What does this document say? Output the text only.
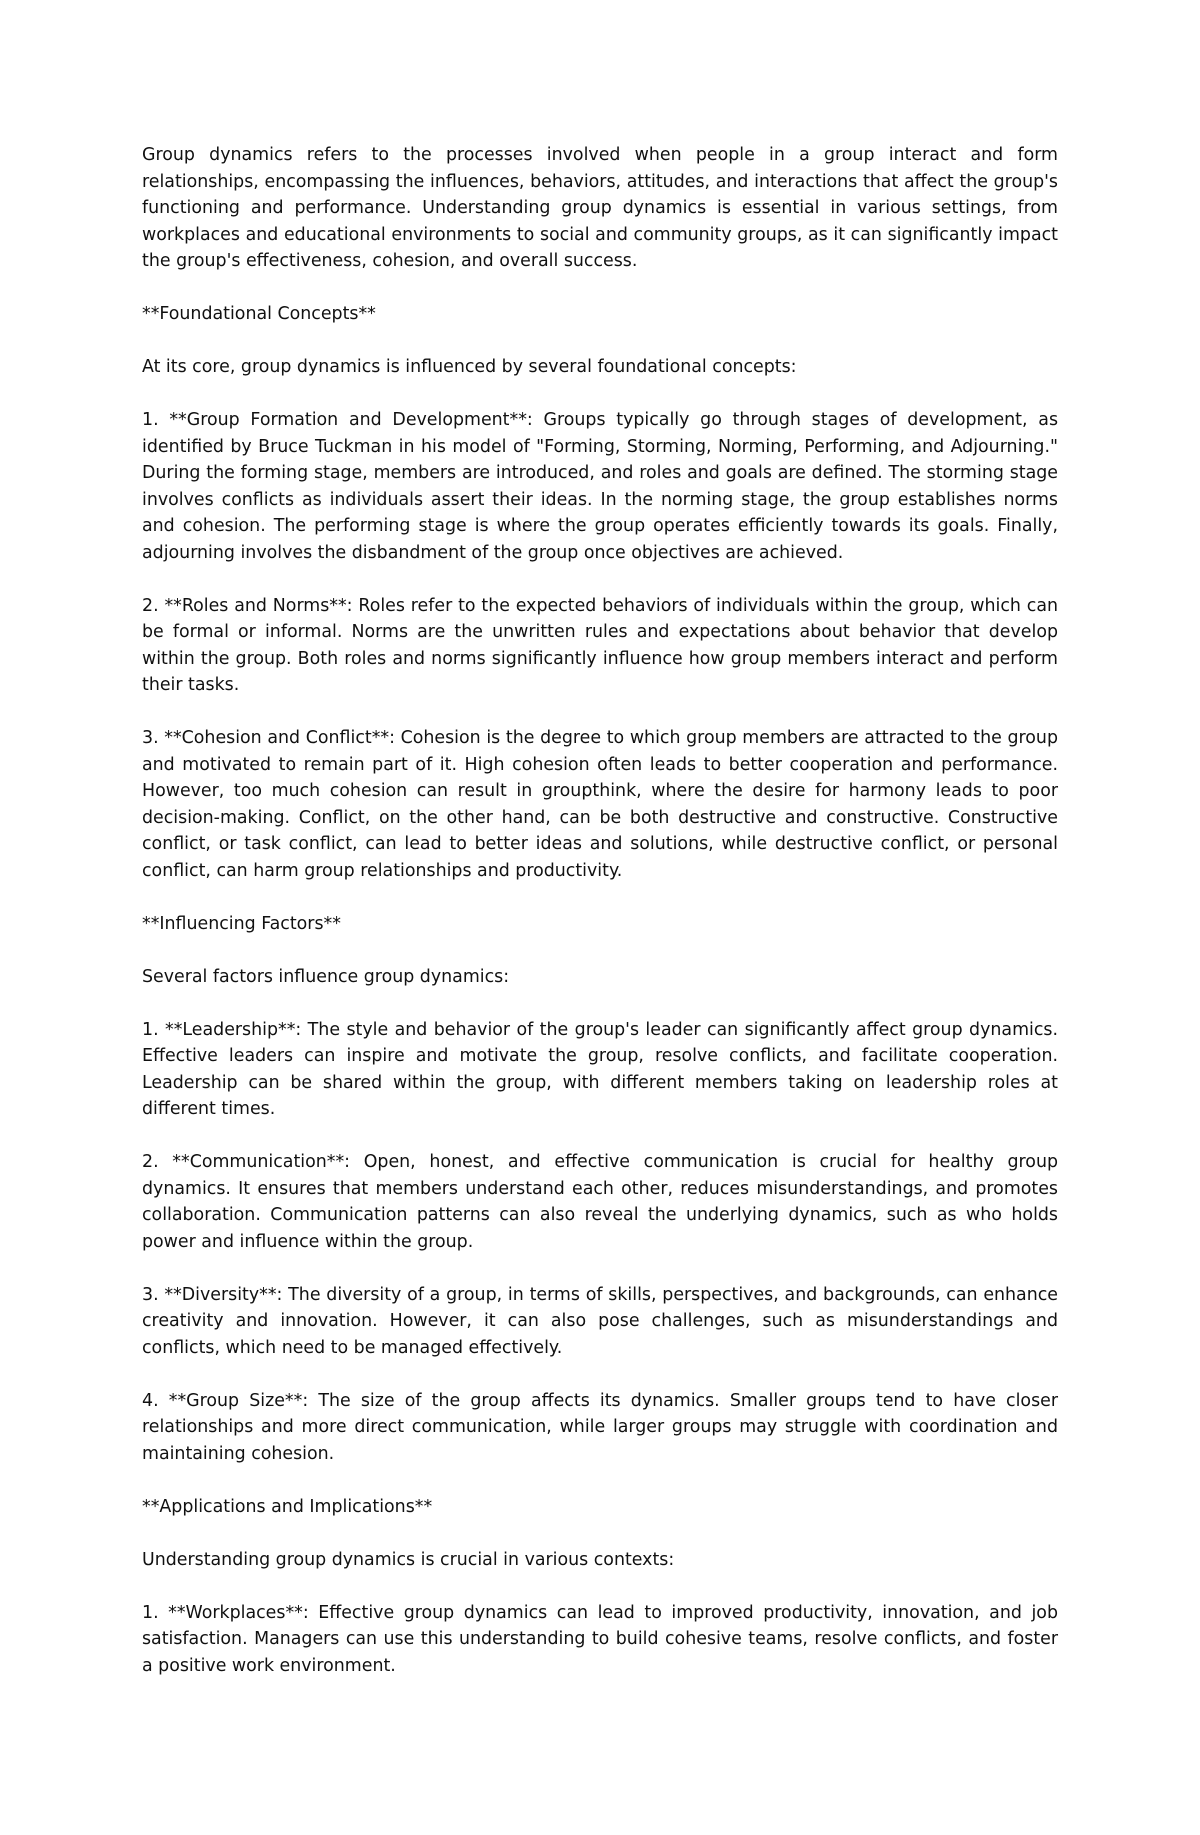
Group dynamics refers to the processes involved when people in a group interact and form relationships, encompassing the influences, behaviors, attitudes, and interactions that affect the group's functioning and performance. Understanding group dynamics is essential in various settings, from workplaces and educational environments to social and community groups, as it can significantly impact the group's effectiveness, cohesion, and overall success.

**Foundational Concepts**

At its core, group dynamics is influenced by several foundational concepts:

1. **Group Formation and Development**: Groups typically go through stages of development, as identified by Bruce Tuckman in his model of "Forming, Storming, Norming, Performing, and Adjourning." During the forming stage, members are introduced, and roles and goals are defined. The storming stage involves conflicts as individuals assert their ideas. In the norming stage, the group establishes norms and cohesion. The performing stage is where the group operates efficiently towards its goals. Finally, adjourning involves the disbandment of the group once objectives are achieved.

2. **Roles and Norms**: Roles refer to the expected behaviors of individuals within the group, which can be formal or informal. Norms are the unwritten rules and expectations about behavior that develop within the group. Both roles and norms significantly influence how group members interact and perform their tasks.

3. **Cohesion and Conflict**: Cohesion is the degree to which group members are attracted to the group and motivated to remain part of it. High cohesion often leads to better cooperation and performance. However, too much cohesion can result in groupthink, where the desire for harmony leads to poor decision-making. Conflict, on the other hand, can be both destructive and constructive. Constructive conflict, or task conflict, can lead to better ideas and solutions, while destructive conflict, or personal conflict, can harm group relationships and productivity.

**Influencing Factors**

Several factors influence group dynamics:

1. **Leadership**: The style and behavior of the group's leader can significantly affect group dynamics. Effective leaders can inspire and motivate the group, resolve conflicts, and facilitate cooperation. Leadership can be shared within the group, with different members taking on leadership roles at different times.

2. **Communication**: Open, honest, and effective communication is crucial for healthy group dynamics. It ensures that members understand each other, reduces misunderstandings, and promotes collaboration. Communication patterns can also reveal the underlying dynamics, such as who holds power and influence within the group.

3. **Diversity**: The diversity of a group, in terms of skills, perspectives, and backgrounds, can enhance creativity and innovation. However, it can also pose challenges, such as misunderstandings and conflicts, which need to be managed effectively.

4. **Group Size**: The size of the group affects its dynamics. Smaller groups tend to have closer relationships and more direct communication, while larger groups may struggle with coordination and maintaining cohesion.

**Applications and Implications**

Understanding group dynamics is crucial in various contexts:

1. **Workplaces**: Effective group dynamics can lead to improved productivity, innovation, and job satisfaction. Managers can use this understanding to build cohesive teams, resolve conflicts, and foster a positive work environment.
